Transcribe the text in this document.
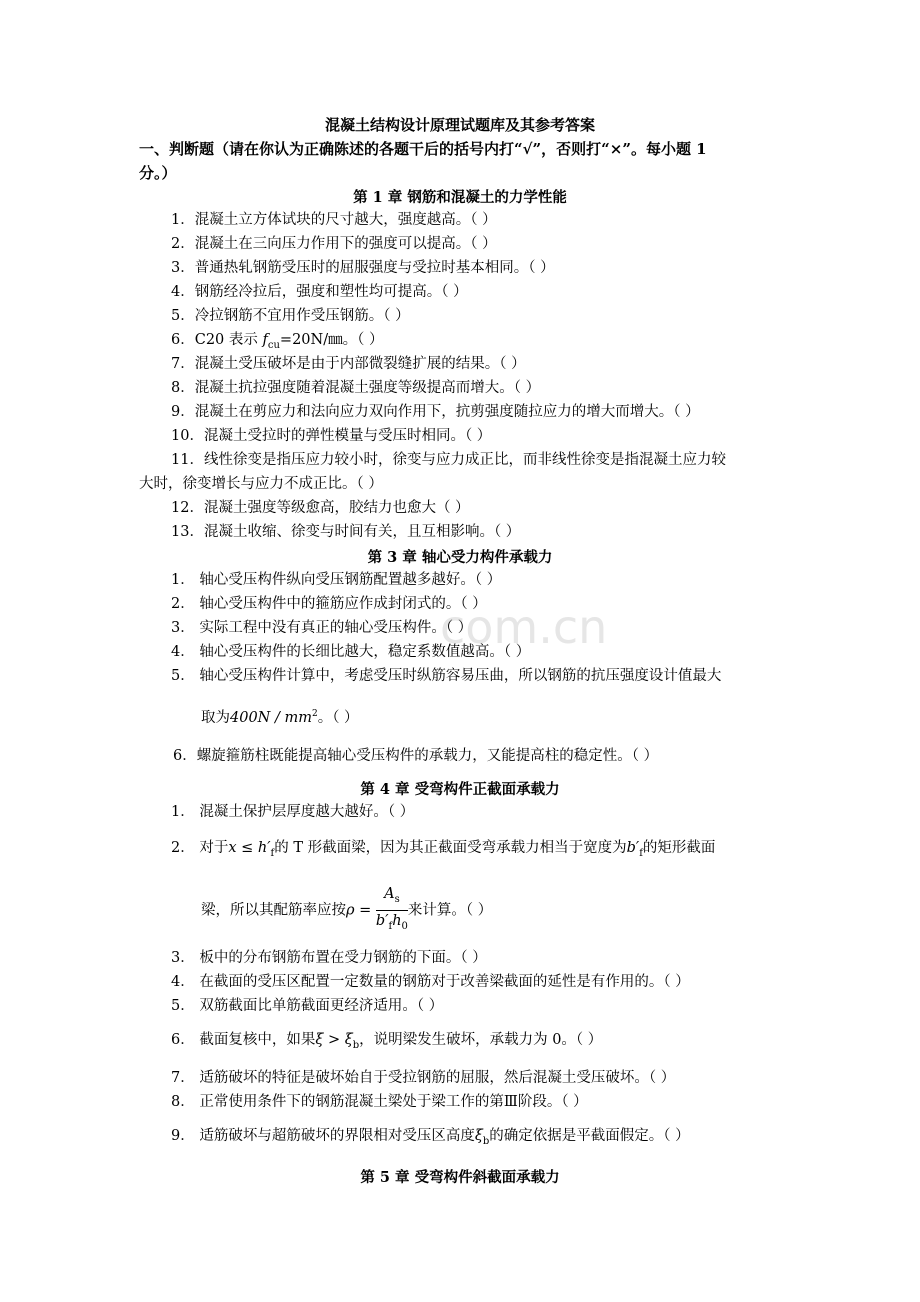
com.cn
混凝土结构设计原理试题库及其参考答案
一、判断题（请在你认为正确陈述的各题干后的括号内打“√”，否则打“×”。每小题 1
分。）
第 1 章 钢筋和混凝土的力学性能
1．混凝土立方体试块的尺寸越大，强度越高。（ ）
2．混凝土在三向压力作用下的强度可以提高。（ ）
3．普通热轧钢筋受压时的屈服强度与受拉时基本相同。（ ）
4．钢筋经冷拉后，强度和塑性均可提高。（ ）
5．冷拉钢筋不宜用作受压钢筋。（ ）
6．C20 表示 $f_{cu}=20N/㎜$。（ ）
7．混凝土受压破坏是由于内部微裂缝扩展的结果。（ ）
8．混凝土抗拉强度随着混凝土强度等级提高而增大。（ ）
9．混凝土在剪应力和法向应力双向作用下，抗剪强度随拉应力的增大而增大。（ ）
10．混凝土受拉时的弹性模量与受压时相同。（ ）
11．线性徐变是指压应力较小时，徐变与应力成正比，而非线性徐变是指混凝土应力较
大时，徐变增长与应力不成正比。（ ）
12．混凝土强度等级愈高，胶结力也愈大（ ）
13．混凝土收缩、徐变与时间有关，且互相影响。（ ）
第 3 章 轴心受力构件承载力
1． 轴心受压构件纵向受压钢筋配置越多越好。（ ）
2． 轴心受压构件中的箍筋应作成封闭式的。（ ）
3． 实际工程中没有真正的轴心受压构件。（ ）
4． 轴心受压构件的长细比越大，稳定系数值越高。（ ）
5． 轴心受压构件计算中，考虑受压时纵筋容易压曲，所以钢筋的抗压强度设计值最大
取为$400N / mm^2$。（ ）
6．螺旋箍筋柱既能提高轴心受压构件的承载力，又能提高柱的稳定性。（ ）
第 4 章 受弯构件正截面承载力
1． 混凝土保护层厚度越大越好。（ ）
2． 对于$x \le h'_f$的 T 形截面梁，因为其正截面受弯承载力相当于宽度为$b'_f$的矩形截面
梁，所以其配筋率应按$\rho = \frac{A_s}{b'_fh_0}$ 来计算。（ ）
3． 板中的分布钢筋布置在受力钢筋的下面。（ ）
4． 在截面的受压区配置一定数量的钢筋对于改善梁截面的延性是有作用的。（ ）
5． 双筋截面比单筋截面更经济适用。（ ）
6． 截面复核中，如果$\xi > \xi_b$，说明梁发生破坏，承载力为 0。（ ）
7． 适筋破坏的特征是破坏始自于受拉钢筋的屈服，然后混凝土受压破坏。（ ）
8． 正常使用条件下的钢筋混凝土梁处于梁工作的第Ⅲ阶段。（ ）
9． 适筋破坏与超筋破坏的界限相对受压区高度$\xi_b$的确定依据是平截面假定。（ ）
第 5 章 受弯构件斜截面承载力
